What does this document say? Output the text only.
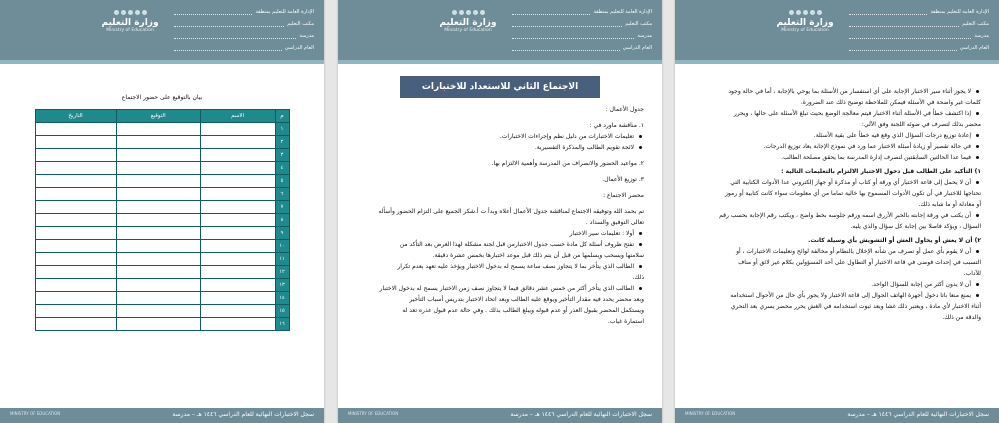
الإدارة العامة للتعليم بمنطقة
مكتب التعليم
مدرسة
العام الدراسي
وزارة التعليم
Ministry of Education
سجل الاختبارات النهائية للعام الدراسي ١٤٤٦ هـ – مدرسة
MINISTRY OF EDUCATION
بيان بالتوقيع على حضور الاجتماع
م	الاسم	التوقيع	التاريخ
١			
٢			
٣			
٤			
٥			
٦			
٧			
٨			
٩			
١٠			
١١			
١٢			
١٣			
١٤			
١٥			
١٦			
الإدارة العامة للتعليم بمنطقة
مكتب التعليم
مدرسة
العام الدراسي
وزارة التعليم
Ministry of Education
سجل الاختبارات النهائية للعام الدراسي ١٤٤٦ هـ – مدرسة
MINISTRY OF EDUCATION
الاجتماع الثاني للاستعداد للاختبارات

جدول الأعمال :

١. مناقشة ماورد في :

تعليمات الاختبارات من دليل نظم وإجراءات الاختبارات.

لائحة تقويم الطالب والمذكرة التفسيرية.

٢. مواعيد الحضور والانصراف من المدرسة وأهمية الالتزام بها.

٣. توزيع الأعمال.

محضر الاجتماع :

تم بحمد الله وتوفيقه الاجتماع لمناقشة جدول الأعمال أعلاه وبدأ ت أ.شكر الجميع على التزام الحضور وأسأله

تعالى التوفيق والسداد .

أولا : تعليمات سير الاختبار

تفتح ظروف أسئلة كل مادة حسب جدول الاختبارمن قبل لجنة مشكلة لهذا الغرض بعد التأكد من

سلامتها ويسحب ويسلمها من قبل أن يتم ذلك قبل موعد اختبارها بخمس عشرة دقيقة.

الطالب الذي يتأخر بما لا يتجاوز نصف ساعة يسمح له بدخول الاختبار ويؤخذ عليه تعهد بعدم تكرار

ذلك.

الطالب الذي يتأخر أكثر من خمس عشر دقائق فيما لا يتجاوز نصف زمن الاختبار يسمح له بدخول الاختبار

وبعد محضر يحدد فيه مقدار التأخير ويوقع عليه الطالب ويعد اتحاد الاختبار بتدريس أسباب التأخير

ويستكمل المحضر بقبول العذر أو عدم قبوله ويبلغ الطالب بذلك . وفي حالة عدم قبول عذره تعد له

استمارة غياب.

الإدارة العامة للتعليم بمنطقة
مكتب التعليم
مدرسة
العام الدراسي
وزارة التعليم
Ministry of Education
سجل الاختبارات النهائية للعام الدراسي ١٤٤٦ هـ – مدرسة
MINISTRY OF EDUCATION

لا يجوز أثناء سير الاختبار الإجابة على أي استفسار من الأسئلة بما يوحي بالإجابة ، أما في حالة وجود

كلمات غير واضحة في الأسئلة فيمكن للملاحظة توضيح ذلك عند الضرورة.

إذا اكتشف خطأ في الأسئلة أثناء الاختبار فيتم معالجة الوضع بحيث تبلغ الأسئلة على حالها ، ويحرر

محضر بذلك لتصرف في ضوئه اللجنة وفق الآلي:

إعادة توزيع درجات السؤال الذي وقع فيه خطأ على بقية الأسئلة.

في حالة تقصير أو زيادة أسئلة الاختبار عما ورد في نموذج الإجابة يعاد توزيع الدرجات.

فيما عدا الحالتين السابقتين لتصرف إدارة المدرسة بما يحقق مصلحة الطالب.

١) التأكيد على الطالب قبل دخول الاختبار الالتزام بالتعليمات التالية :

أن لا يحمل إلى قاعة الاختبار أي ورقة أو كتاب أو مذكرة أو جهاز إلكتروني عدا الأدوات الكتابية التي

تحتاجها للاختبار في أن تكون الأدوات المسموح بها خالية تماما من أي معلومات سواء كانت كتابية أو رموز

أو معادلة أو ما شابه ذلك.

أن يكتب في ورقة إجابته بالحبر الأزرق اسمه ورقم جلوسه بخط واضح ، ويكتب رقم الإجابة بحسب رقم

السؤال ، ويؤكد فاصلا بين إجابة كل سؤال والذي يليه.

٢) أن لا يغش أو يحاول الغش أو التشويش بأي وسيلة كانت.

أن لا يقوم بأي عمل أو تصرف من شأنه الإخلال بالنظام أو مخالفة لوائح وتعليمات الاختبارات ، أو

التسبب في إحداث فوضى في قاعة الاختبار أو التطاول على أحد المسؤولين بكلام غير لائق أو مناف

للآداب.

أن لا يدون أكثر من إجابة للسؤال الواحد.

يمنع منعا باتا دخول أجهزة الهاتف الجوال إلى قاعة الاختبار ولا يجوز بأي حال من الأحوال استخدامه

أثناء الاختبار لأي مادة ، ويعتبر ذلك غشا ويعد ثبوت استخدامه في الغش يحرر محضر يسري بعد التحري

والدقة من ذلك.
